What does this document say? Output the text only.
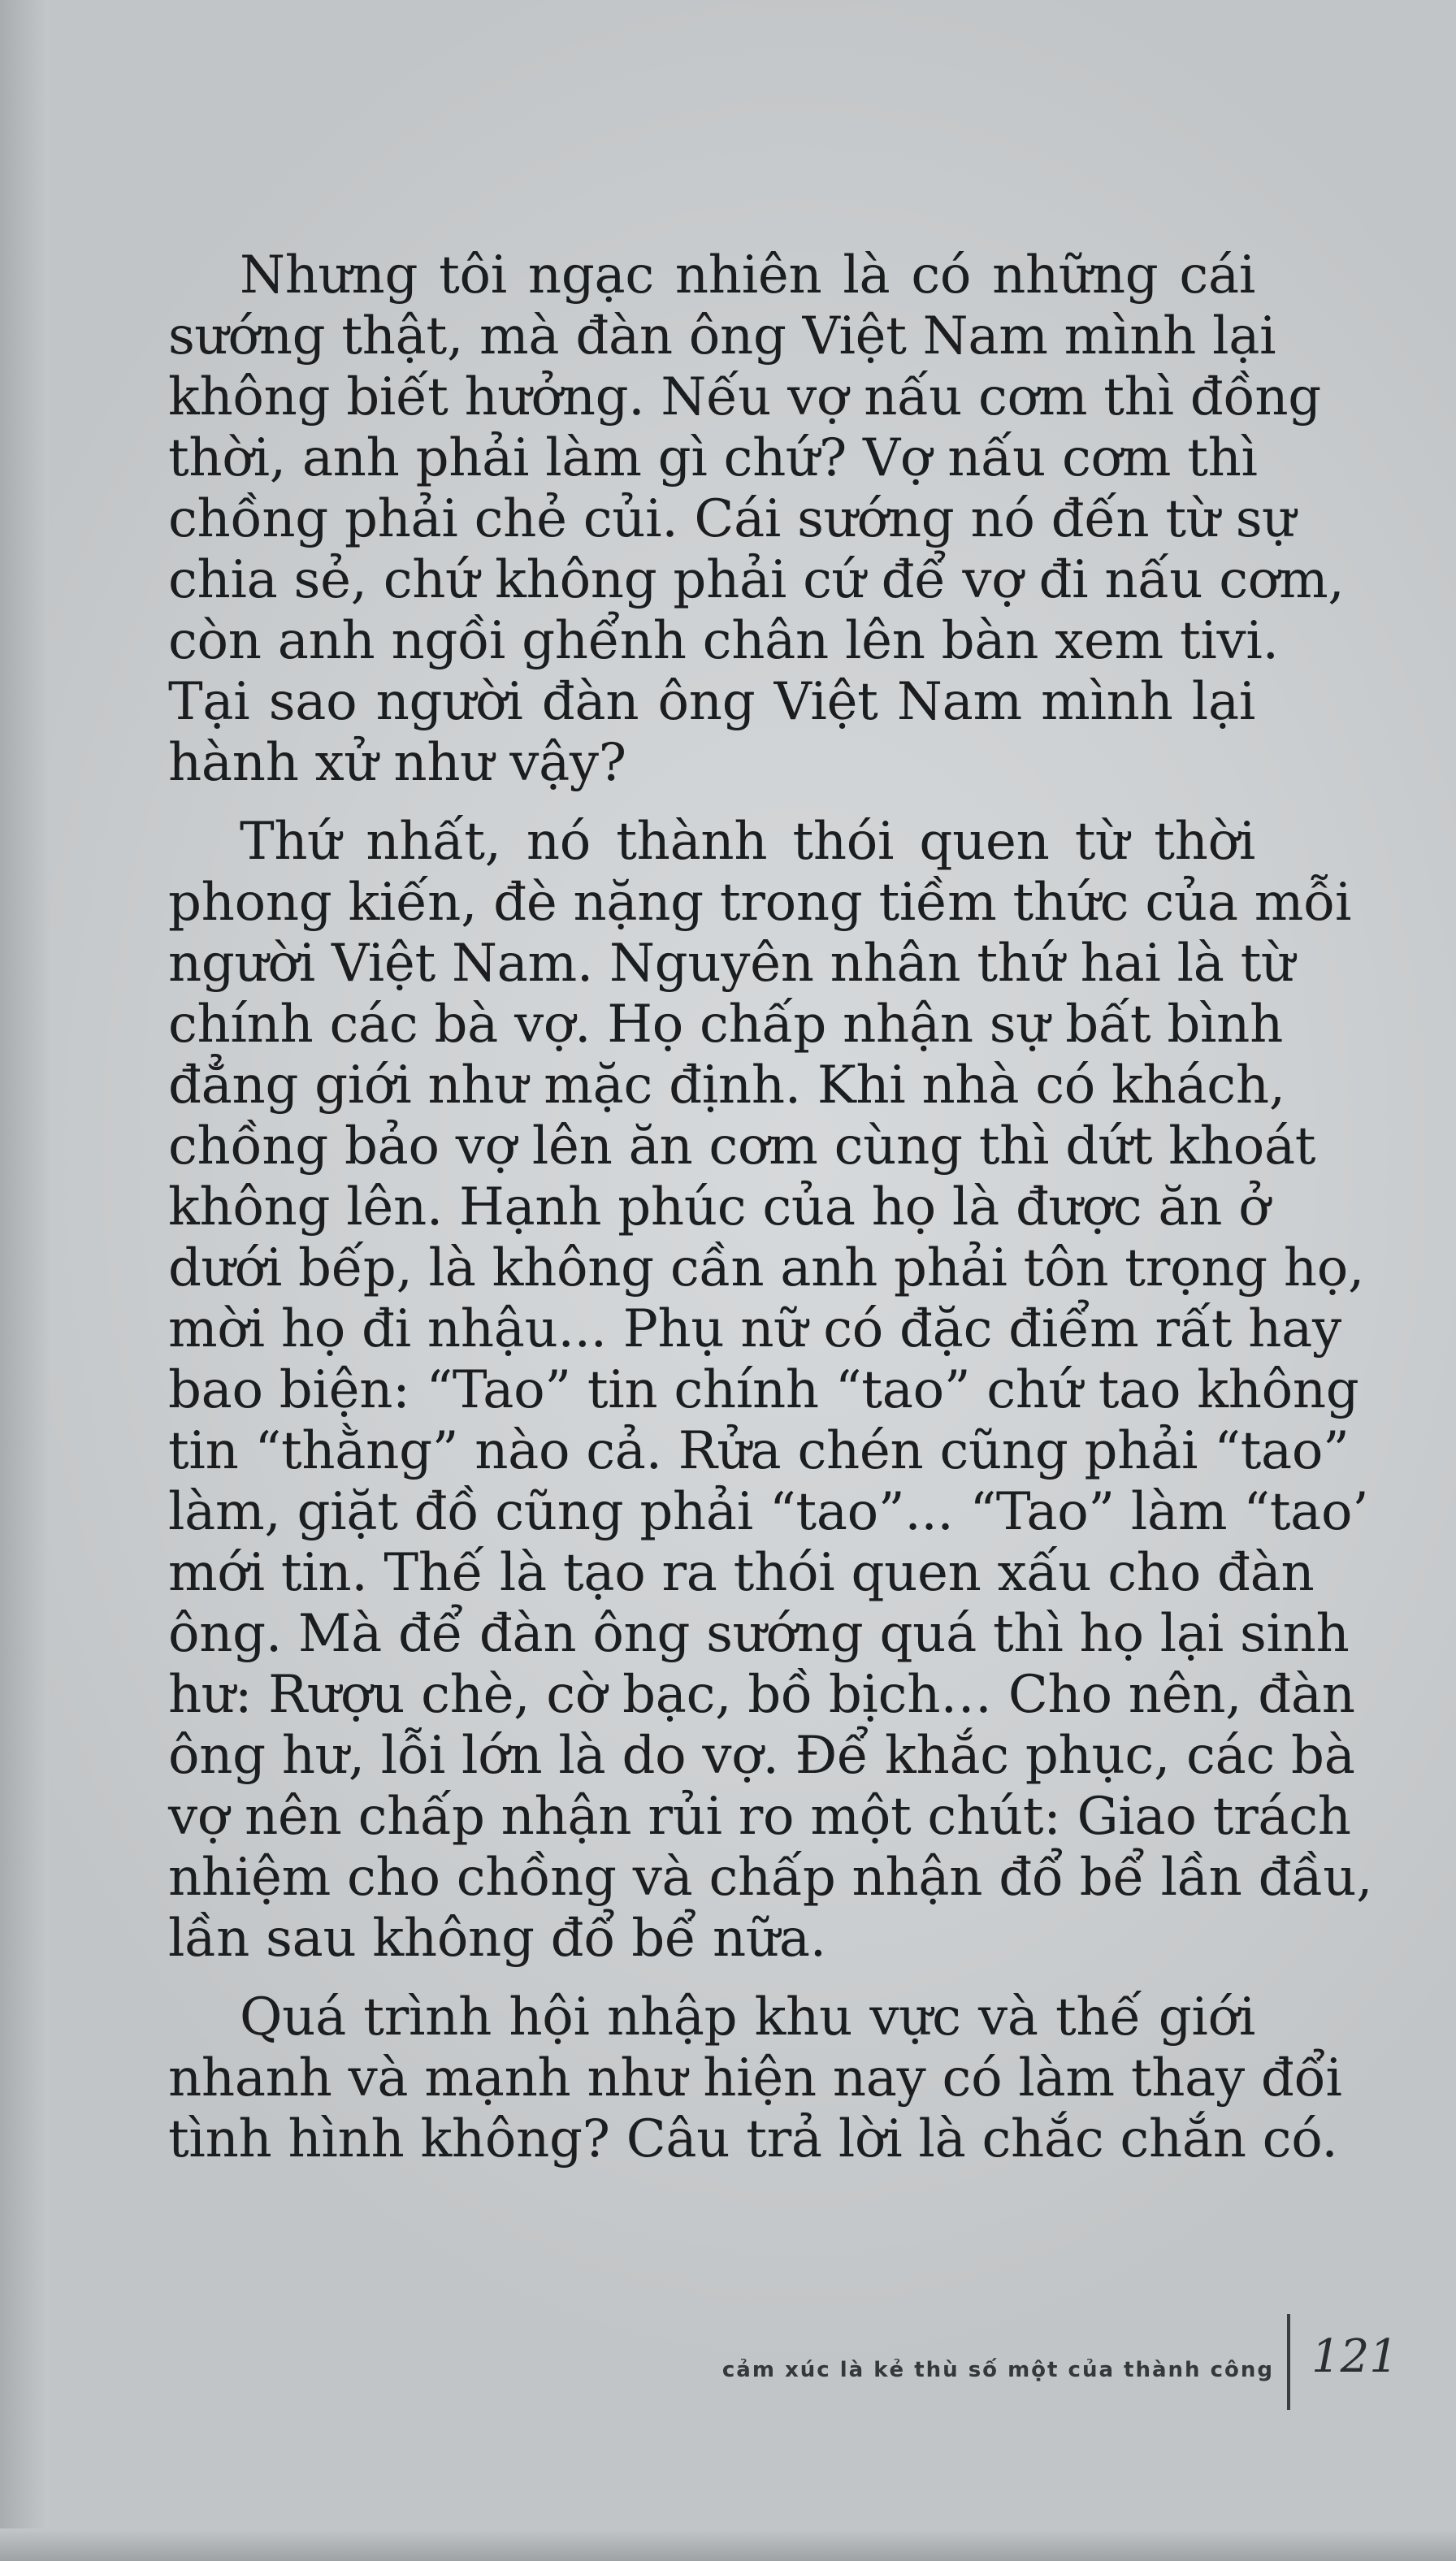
Nhưng tôi ngạc nhiên là có những cái
sướng thật, mà đàn ông Việt Nam mình lại
không biết hưởng. Nếu vợ nấu cơm thì đồng
thời, anh phải làm gì chứ? Vợ nấu cơm thì
chồng phải chẻ củi. Cái sướng nó đến từ sự
chia sẻ, chứ không phải cứ để vợ đi nấu cơm,
còn anh ngồi ghểnh chân lên bàn xem tivi.
Tại sao người đàn ông Việt Nam mình lại
hành xử như vậy?
Thứ nhất, nó thành thói quen từ thời
phong kiến, đè nặng trong tiềm thức của mỗi
người Việt Nam. Nguyên nhân thứ hai là từ
chính các bà vợ. Họ chấp nhận sự bất bình
đẳng giới như mặc định. Khi nhà có khách,
chồng bảo vợ lên ăn cơm cùng thì dứt khoát
không lên. Hạnh phúc của họ là được ăn ở
dưới bếp, là không cần anh phải tôn trọng họ,
mời họ đi nhậu... Phụ nữ có đặc điểm rất hay
bao biện: “Tao” tin chính “tao” chứ tao không
tin “thằng” nào cả. Rửa chén cũng phải “tao”
làm, giặt đồ cũng phải “tao”... “Tao” làm “tao’
mới tin. Thế là tạo ra thói quen xấu cho đàn
ông. Mà để đàn ông sướng quá thì họ lại sinh
hư: Rượu chè, cờ bạc, bồ bịch… Cho nên, đàn
ông hư, lỗi lớn là do vợ. Để khắc phục, các bà
vợ nên chấp nhận rủi ro một chút: Giao trách
nhiệm cho chồng và chấp nhận đổ bể lần đầu,
lần sau không đổ bể nữa.
Quá trình hội nhập khu vực và thế giới
nhanh và mạnh như hiện nay có làm thay đổi
tình hình không? Câu trả lời là chắc chắn có.
cảm xúc là kẻ thù số một của thành công 121
